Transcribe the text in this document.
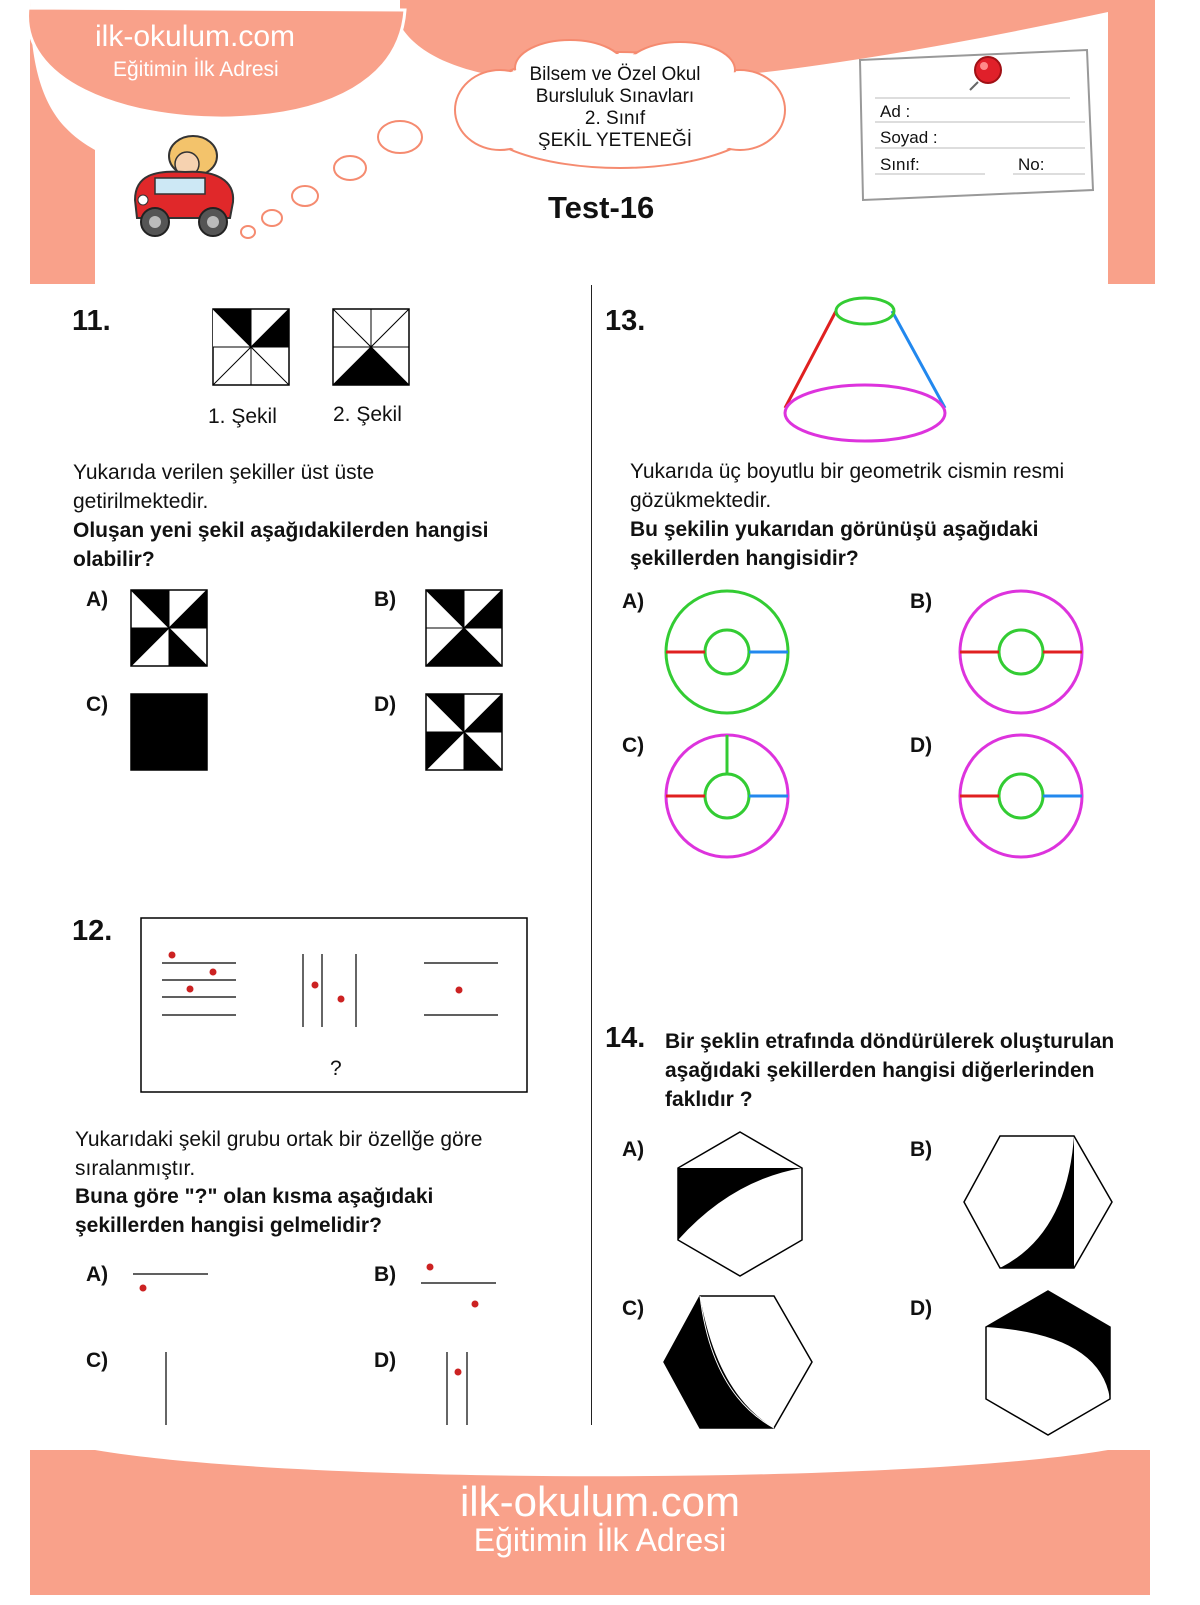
ilk-okulum.com
Eğitimin İlk Adresi	Bilsem ve Özel Okul
Bursluluk Sınavları
2. Sınıf
ŞEKİL YETENEĞİ
Test-16
Ad :
Soyad :
Sınıf:	No:
11.
1. Şekil	2. Şekil
Yukarıda verilen şekiller üst üste getirilmektedir.
Oluşan yeni şekil aşağıdakilerden hangisi olabilir?
A)	B)
C)	D)
12.
?
Yukarıdaki şekil grubu ortak bir özellğe göre sıralanmıştır.
Buna göre "?" olan kısma aşağıdaki şekillerden hangisi gelmelidir?
A)	B)
C)	D)
13.
Yukarıda üç boyutlu bir geometrik cismin resmi gözükmektedir.
Bu şekilin yukarıdan görünüşü aşağıdaki şekillerden hangisidir?
A)	B)
C)	D)
14. Bir şeklin etrafında döndürülerek oluşturulan aşağıdaki şekillerden hangisi diğerlerinden faklıdır ?
A)	B)
C)	D)
ilk-okulum.com
Eğitimin İlk Adresi
